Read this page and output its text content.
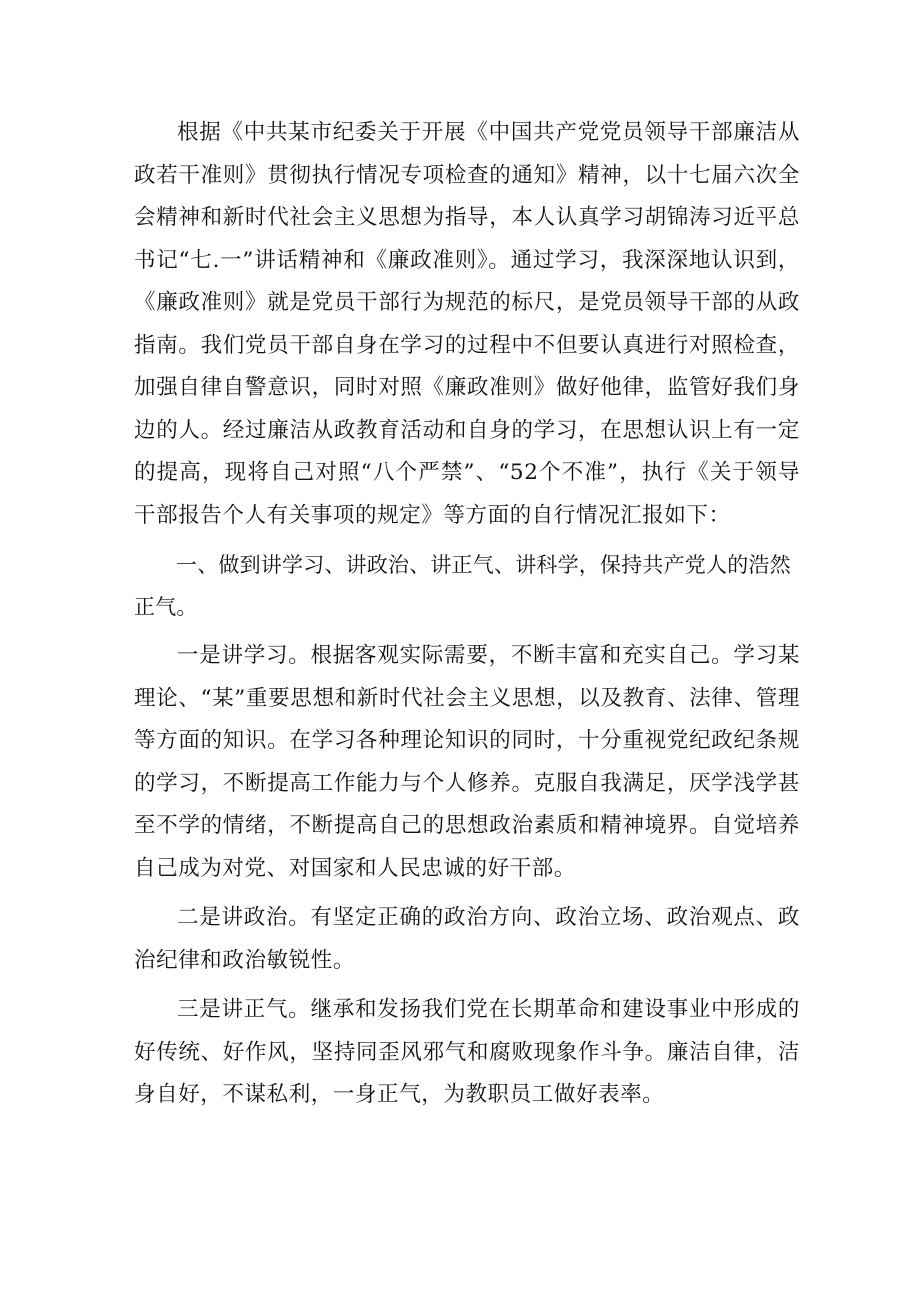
根据《中共某市纪委关于开展《中国共产党党员领导干部廉洁从政若干准则》贯彻执行情况专项检查的通知》精神，以十七届六次全会精神和新时代社会主义思想为指导，本人认真学习胡锦涛习近平总书记“七.一”讲话精神和《廉政准则》。通过学习，我深深地认识到，《廉政准则》就是党员干部行为规范的标尺，是党员领导干部的从政指南。我们党员干部自身在学习的过程中不但要认真进行对照检查，加强自律自警意识，同时对照《廉政准则》做好他律，监管好我们身边的人。经过廉洁从政教育活动和自身的学习，在思想认识上有一定的提高，现将自己对照“八个严禁”、“52个不准”，执行《关于领导干部报告个人有关事项的规定》等方面的自行情况汇报如下：

一、做到讲学习、讲政治、讲正气、讲科学，保持共产党人的浩然正气。

一是讲学习。根据客观实际需要，不断丰富和充实自己。学习某理论、“某”重要思想和新时代社会主义思想，以及教育、法律、管理等方面的知识。在学习各种理论知识的同时，十分重视党纪政纪条规的学习，不断提高工作能力与个人修养。克服自我满足，厌学浅学甚至不学的情绪，不断提高自己的思想政治素质和精神境界。自觉培养自己成为对党、对国家和人民忠诚的好干部。

二是讲政治。有坚定正确的政治方向、政治立场、政治观点、政治纪律和政治敏锐性。

三是讲正气。继承和发扬我们党在长期革命和建设事业中形成的好传统、好作风，坚持同歪风邪气和腐败现象作斗争。廉洁自律，洁身自好，不谋私利，一身正气，为教职员工做好表率。
